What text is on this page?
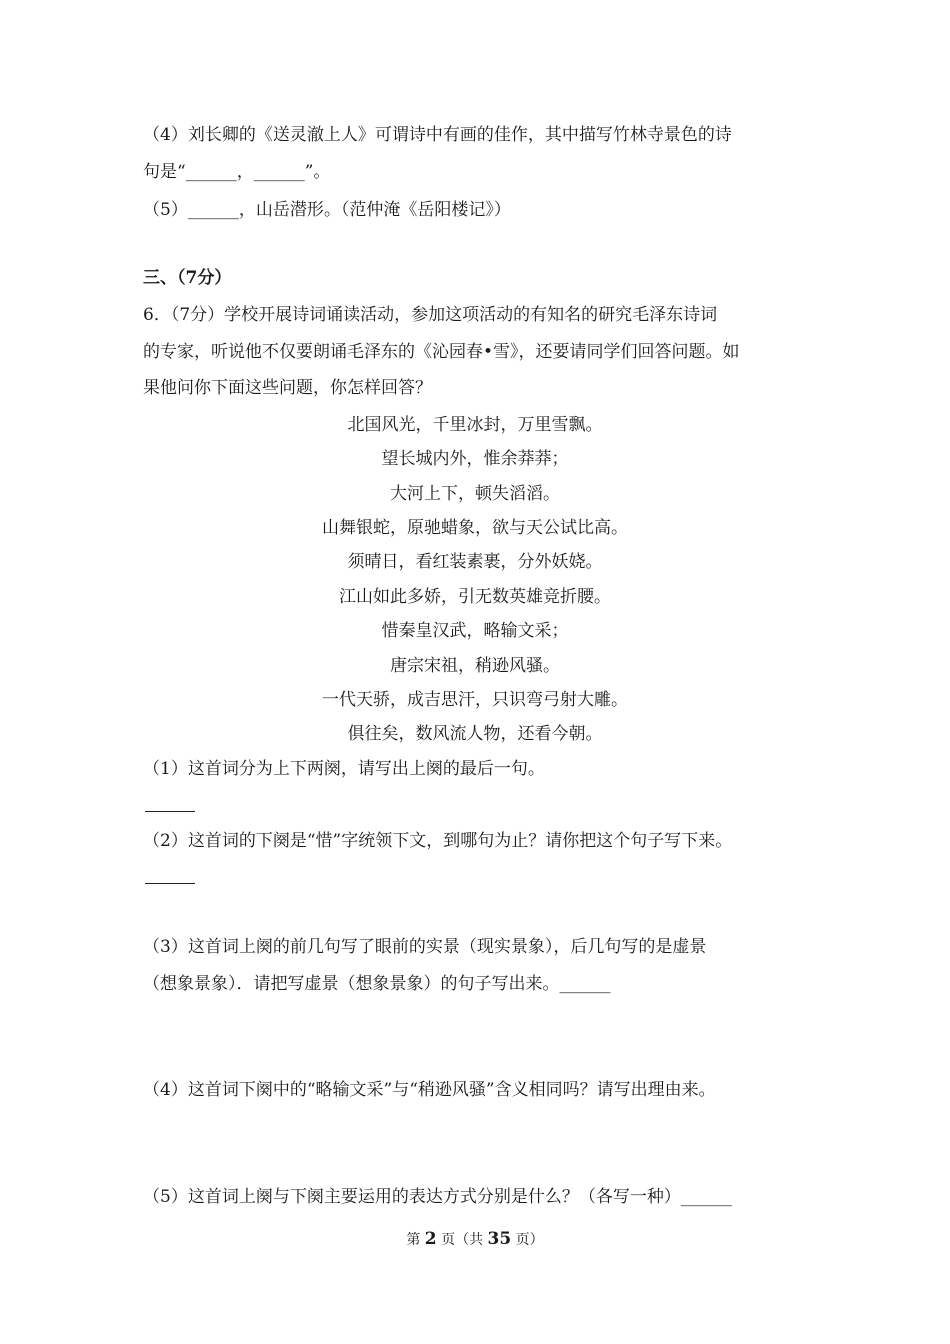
（4）刘长卿的《送灵澈上人》可谓诗中有画的佳作，其中描写竹林寺景色的诗
句是“______，______”。
（5）______，山岳潜形。（范仲淹《岳阳楼记》）
三、（7分）
6．（7分）学校开展诗词诵读活动，参加这项活动的有知名的研究毛泽东诗词
的专家，听说他不仅要朗诵毛泽东的《沁园春•雪》，还要请同学们回答问题。如
果他问你下面这些问题，你怎样回答？
北国风光，千里冰封，万里雪飘。
望长城内外，惟余莽莽；
大河上下，顿失滔滔。
山舞银蛇，原驰蜡象，欲与天公试比高。
须晴日，看红装素裹，分外妖娆。
江山如此多娇，引无数英雄竞折腰。
惜秦皇汉武，略输文采；
唐宗宋祖，稍逊风骚。
一代天骄，成吉思汗，只识弯弓射大雕。
俱往矣，数风流人物，还看今朝。
（1）这首词分为上下两阕，请写出上阕的最后一句。
（2）这首词的下阕是“惜”字统领下文，到哪句为止？请你把这个句子写下来。
（3）这首词上阕的前几句写了眼前的实景（现实景象），后几句写的是虚景
（想象景象）．请把写虚景（想象景象）的句子写出来。______
（4）这首词下阕中的“略输文采”与“稍逊风骚”含义相同吗？请写出理由来。
（5）这首词上阕与下阕主要运用的表达方式分别是什么？（各写一种）______
第 2 页（共 35 页）
